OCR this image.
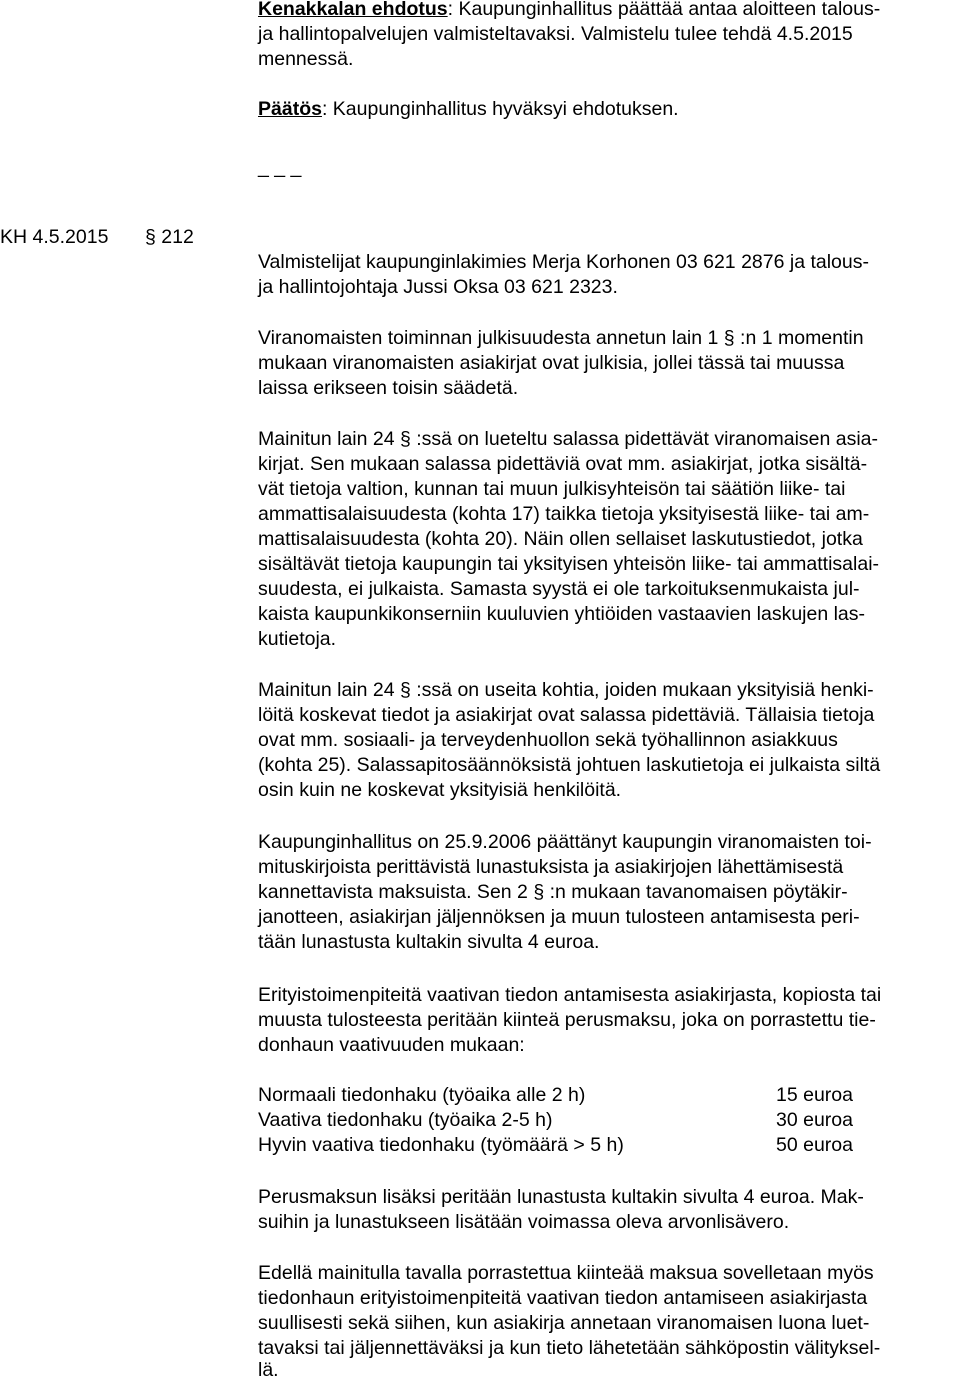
Kenakkalan ehdotus: Kaupunginhallitus päättää antaa aloitteen talous-
ja hallintopalvelujen valmisteltavaksi. Valmistelu tulee tehdä 4.5.2015
mennessä.
Päätös: Kaupunginhallitus hyväksyi ehdotuksen.
_ _ _
KH 4.5.2015 § 212
Valmistelijat kaupunginlakimies Merja Korhonen 03 621 2876 ja talous-
ja hallintojohtaja Jussi Oksa 03 621 2323.
Viranomaisten toiminnan julkisuudesta annetun lain 1 § :n 1 momentin
mukaan viranomaisten asiakirjat ovat julkisia, jollei tässä tai muussa
laissa erikseen toisin säädetä.
Mainitun lain 24 § :ssä on lueteltu salassa pidettävät viranomaisen asia-
kirjat. Sen mukaan salassa pidettäviä ovat mm. asiakirjat, jotka sisältä-
vät tietoja valtion, kunnan tai muun julkisyhteisön tai säätiön liike- tai
ammattisalaisuudesta (kohta 17) taikka tietoja yksityisestä liike- tai am-
mattisalaisuudesta (kohta 20). Näin ollen sellaiset laskutustiedot, jotka
sisältävät tietoja kaupungin tai yksityisen yhteisön liike- tai ammattisalai-
suudesta, ei julkaista. Samasta syystä ei ole tarkoituksenmukaista jul-
kaista kaupunkikonserniin kuuluvien yhtiöiden vastaavien laskujen las-
kutietoja.
Mainitun lain 24 § :ssä on useita kohtia, joiden mukaan yksityisiä henki-
löitä koskevat tiedot ja asiakirjat ovat salassa pidettäviä. Tällaisia tietoja
ovat mm. sosiaali- ja terveydenhuollon sekä työhallinnon asiakkuus
(kohta 25). Salassapitosäännöksistä johtuen laskutietoja ei julkaista siltä
osin kuin ne koskevat yksityisiä henkilöitä.
Kaupunginhallitus on 25.9.2006 päättänyt kaupungin viranomaisten toi-
mituskirjoista perittävistä lunastuksista ja asiakirjojen lähettämisestä
kannettavista maksuista. Sen 2 § :n mukaan tavanomaisen pöytäkir-
janotteen, asiakirjan jäljennöksen ja muun tulosteen antamisesta peri-
tään lunastusta kultakin sivulta 4 euroa.
Erityistoimenpiteitä vaativan tiedon antamisesta asiakirjasta, kopiosta tai
muusta tulosteesta peritään kiinteä perusmaksu, joka on porrastettu tie-
donhaun vaativuuden mukaan:
Normaali tiedonhaku (työaika alle 2 h)	15 euroa
Vaativa tiedonhaku (työaika 2-5 h)	30 euroa
Hyvin vaativa tiedonhaku (työmäärä > 5 h)	50 euroa
Perusmaksun lisäksi peritään lunastusta kultakin sivulta 4 euroa. Mak-
suihin ja lunastukseen lisätään voimassa oleva arvonlisävero.
Edellä mainitulla tavalla porrastettua kiinteää maksua sovelletaan myös
tiedonhaun erityistoimenpiteitä vaativan tiedon antamiseen asiakirjasta
suullisesti sekä siihen, kun asiakirja annetaan viranomaisen luona luet-
tavaksi tai jäljennettäväksi ja kun tieto lähetetään sähköpostin välityksel-
lä.
